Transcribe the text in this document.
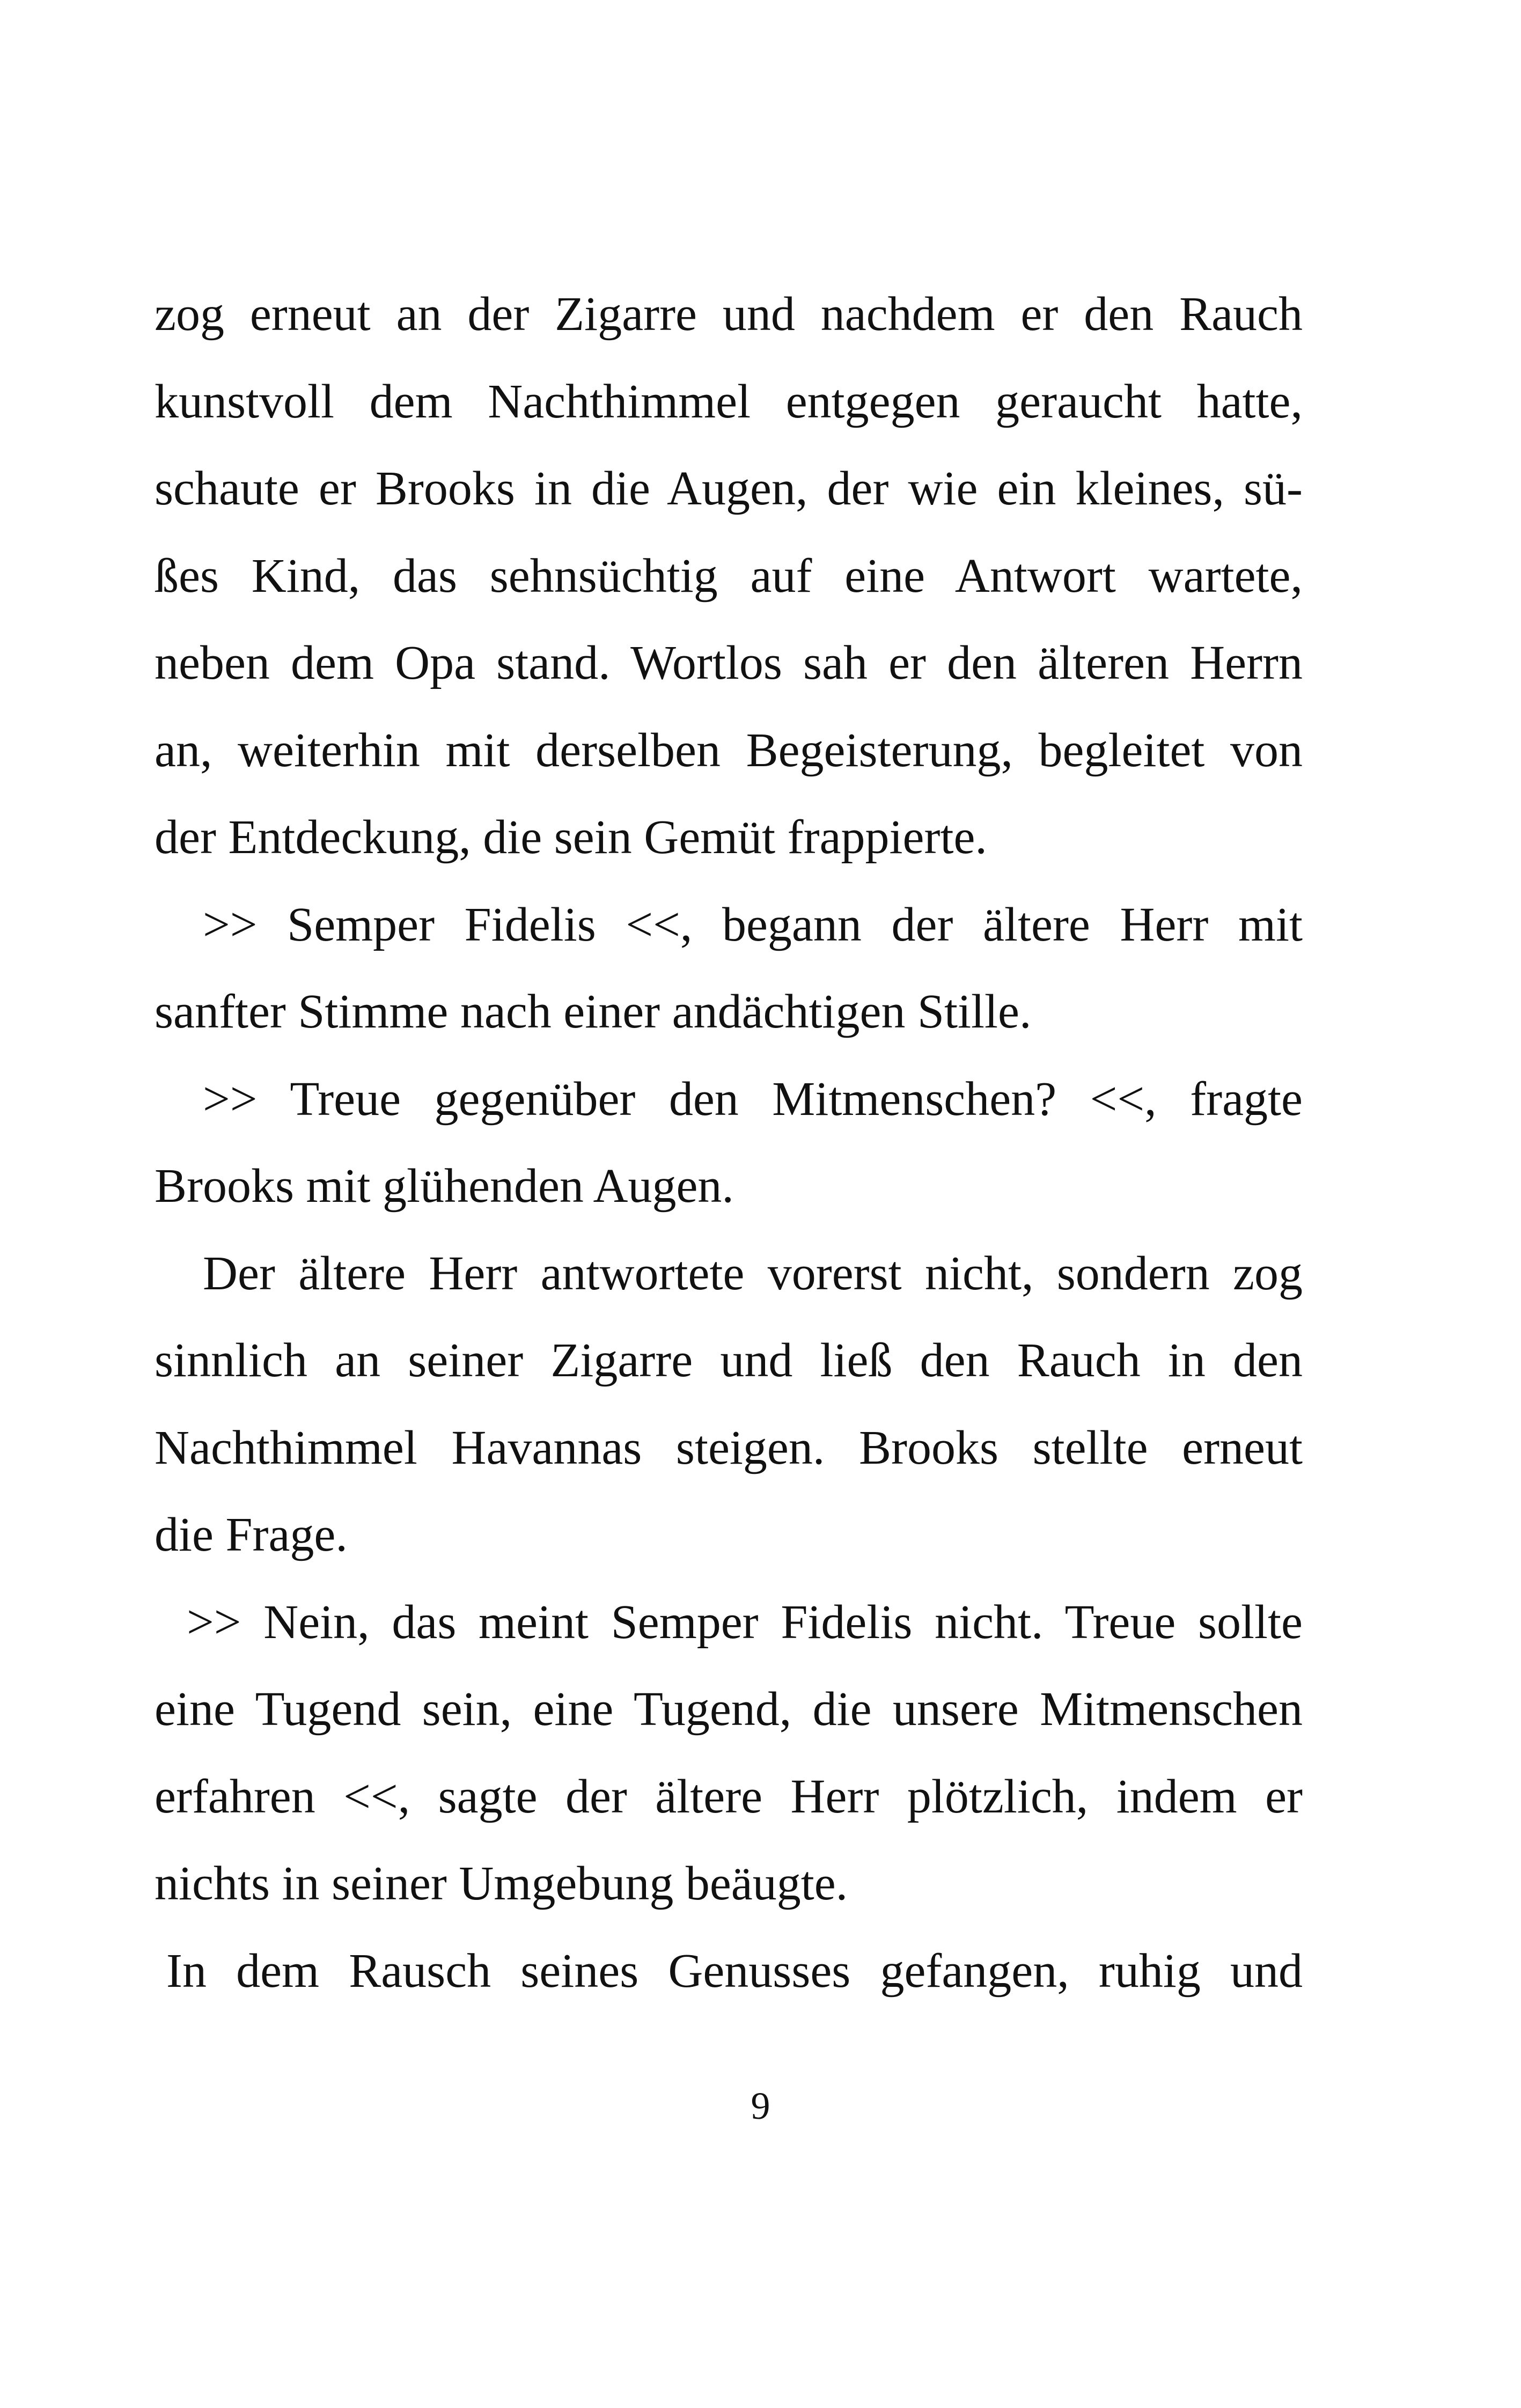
zog erneut an der Zigarre und nachdem er den Rauch
kunstvoll dem Nachthimmel entgegen geraucht hatte,
schaute er Brooks in die Augen, der wie ein kleines, sü-
ßes Kind, das sehnsüchtig auf eine Antwort wartete,
neben dem Opa stand. Wortlos sah er den älteren Herrn
an, weiterhin mit derselben Begeisterung, begleitet von
der Entdeckung, die sein Gemüt frappierte.
>> Semper Fidelis <<, begann der ältere Herr mit
sanfter Stimme nach einer andächtigen Stille.
>> Treue gegenüber den Mitmenschen? <<, fragte
Brooks mit glühenden Augen.
Der ältere Herr antwortete vorerst nicht, sondern zog
sinnlich an seiner Zigarre und ließ den Rauch in den
Nachthimmel Havannas steigen. Brooks stellte erneut
die Frage.
>> Nein, das meint Semper Fidelis nicht. Treue sollte
eine Tugend sein, eine Tugend, die unsere Mitmenschen
erfahren <<, sagte der ältere Herr plötzlich, indem er
nichts in seiner Umgebung beäugte.
In dem Rausch seines Genusses gefangen, ruhig und
9
